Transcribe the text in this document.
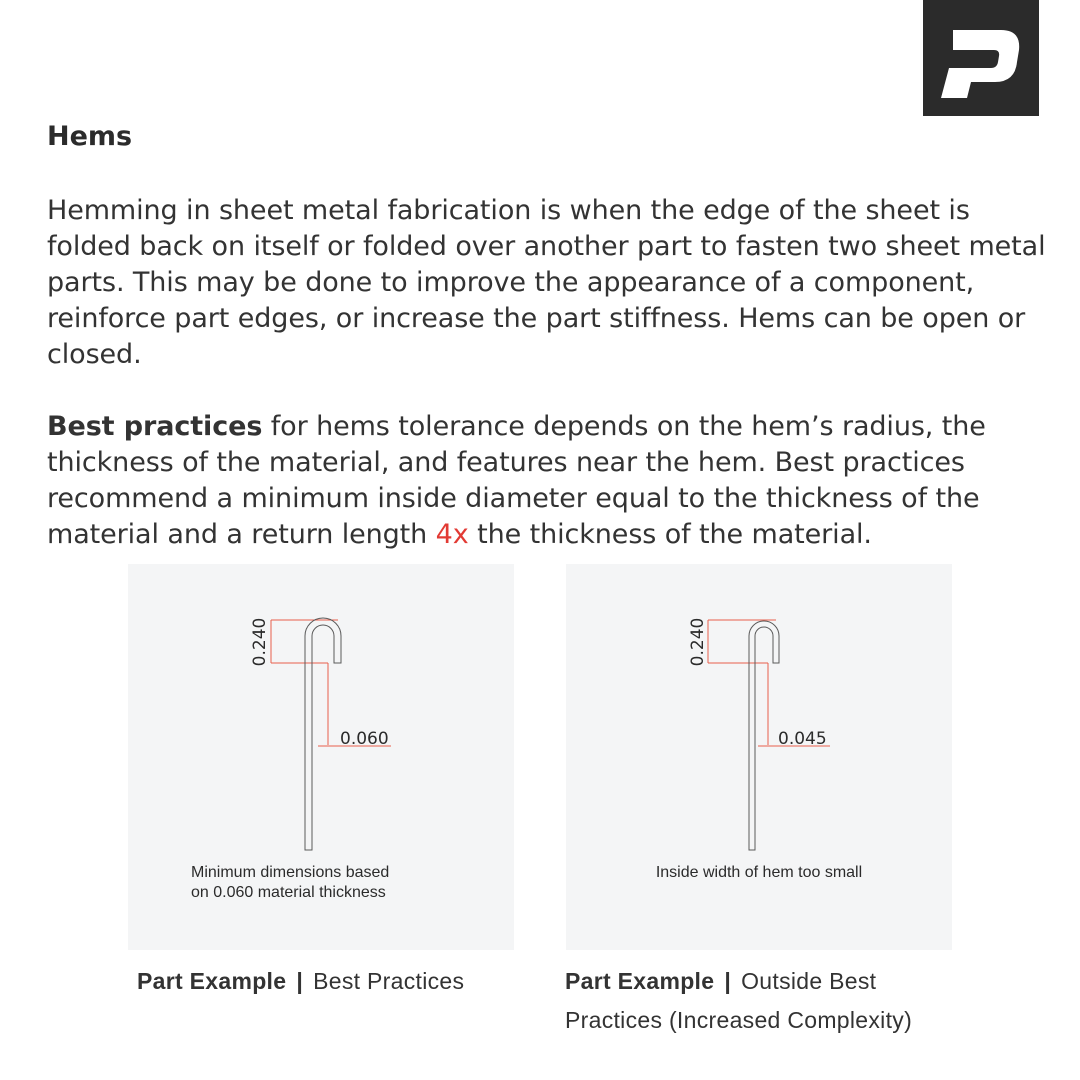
Hems

Hemming in sheet metal fabrication is when the edge of the sheet is folded back on itself or folded over another part to fasten two sheet metal parts. This may be done to improve the appearance of a component, reinforce part edges, or increase the part stiffness. Hems can be open or closed.

Best practices for hems tolerance depends on the hem’s radius, the thickness of the material, and features near the hem. Best practices recommend a minimum inside diameter equal to the thickness of the material and a return length 4x the thickness of the material.

0.240
0.060
Minimum dimensions based
on 0.060 material thickness
0.240
0.045
Inside width of hem too small
Part Example | Best Practices	Part Example | Outside Best Practices (Increased Complexity)
